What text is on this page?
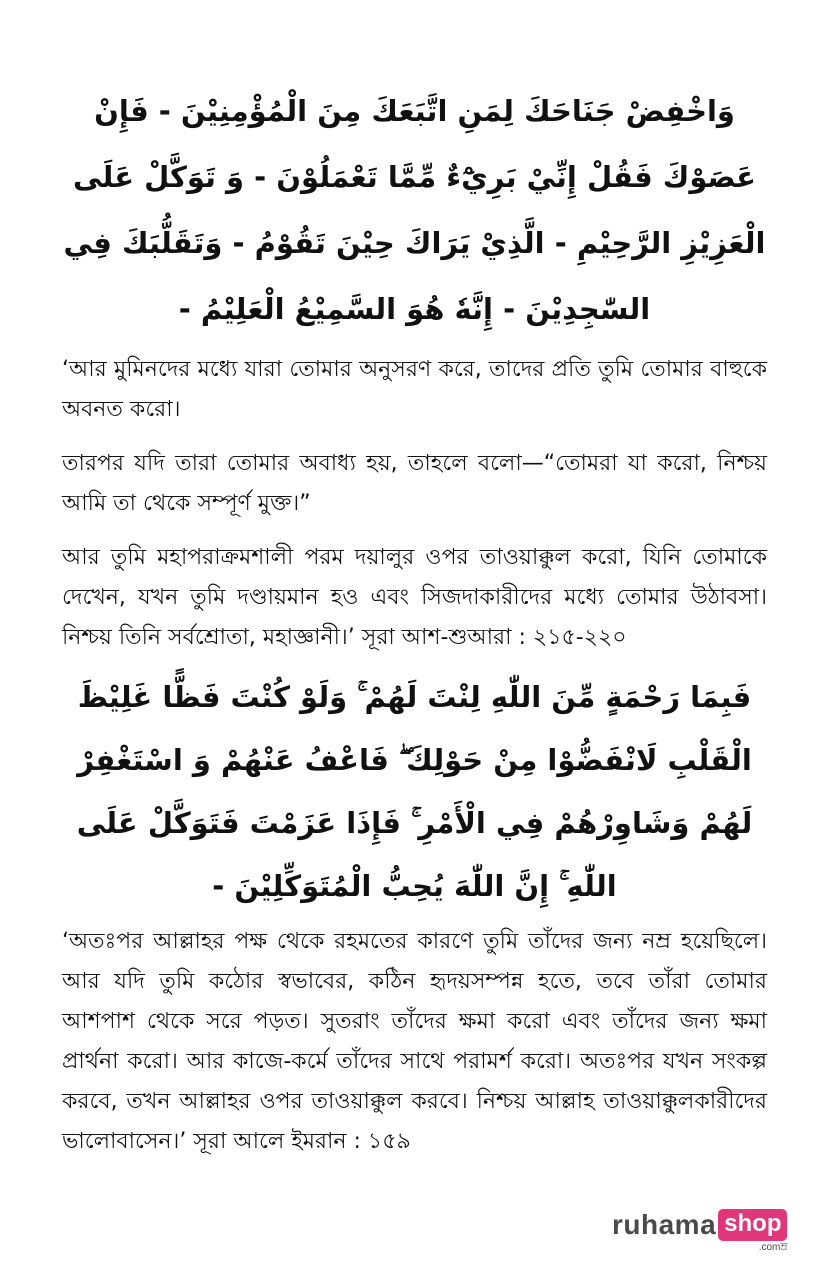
وَاخْفِضْ جَنَاحَكَ لِمَنِ اتَّبَعَكَ مِنَ الْمُؤْمِنِيْنَ - فَإِنْ عَصَوْكَ فَقُلْ إِنِّيْ بَرِيْٓءٌ مِّمَّا تَعْمَلُوْنَ - وَ تَوَكَّلْ عَلَى الْعَزِيْزِ الرَّحِيْمِ - الَّذِيْ يَرَاكَ حِيْنَ تَقُوْمُ - وَتَقَلُّبَكَ فِي السّٰجِدِيْنَ - إِنَّهٗ هُوَ السَّمِيْعُ الْعَلِيْمُ -

‘আর মুমিনদের মধ্যে যারা তোমার অনুসরণ করে, তাদের প্রতি তুমি তোমার বাহুকে অবনত করো।

তারপর যদি তারা তোমার অবাধ্য হয়, তাহলে বলো—“তোমরা যা করো, নিশ্চয় আমি তা থেকে সম্পূর্ণ মুক্ত।”

আর তুমি মহাপরাক্রমশালী পরম দয়ালুর ওপর তাওয়াক্কুল করো, যিনি তোমাকে দেখেন, যখন তুমি দণ্ডায়মান হও এবং সিজদাকারীদের মধ্যে তোমার উঠাবসা। নিশ্চয় তিনি সর্বশ্রোতা, মহাজ্ঞানী।’ সূরা আশ-শুআরা : ২১৫-২২০

فَبِمَا رَحْمَةٍ مِّنَ اللّٰهِ لِنْتَ لَهُمْ ۚ وَلَوْ كُنْتَ فَظًّا غَلِيْظَ الْقَلْبِ لَانْفَضُّوْا مِنْ حَوْلِكَ ۖ فَاعْفُ عَنْهُمْ وَ اسْتَغْفِرْ لَهُمْ وَشَاوِرْهُمْ فِي الْأَمْرِ ۚ فَإِذَا عَزَمْتَ فَتَوَكَّلْ عَلَى اللّٰهِ ۚ إِنَّ اللّٰهَ يُحِبُّ الْمُتَوَكِّلِيْنَ -

‘অতঃপর আল্লাহর পক্ষ থেকে রহমতের কারণে তুমি তাঁদের জন্য নম্র হয়েছিলে। আর যদি তুমি কঠোর স্বভাবের, কঠিন হৃদয়সম্পন্ন হতে, তবে তাঁরা তোমার আশপাশ থেকে সরে পড়ত। সুতরাং তাঁদের ক্ষমা করো এবং তাঁদের জন্য ক্ষমা প্রার্থনা করো। আর কাজে-কর্মে তাঁদের সাথে পরামর্শ করো। অতঃপর যখন সংকল্প করবে, তখন আল্লাহর ওপর তাওয়াক্কুল করবে। নিশ্চয় আল্লাহ তাওয়াক্কুলকারীদের ভালোবাসেন।’ সূরা আলে ইমরান : ১৫৯

ruhama shop
.comম্র
